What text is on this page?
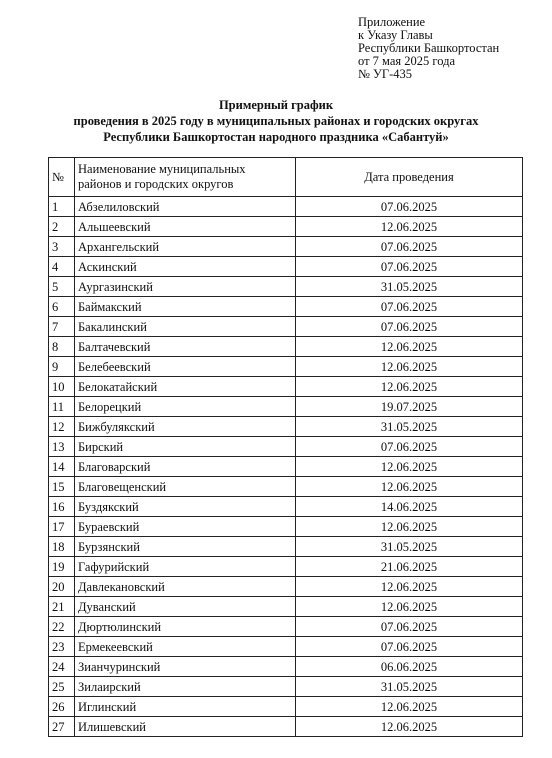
Приложение
к Указу Главы
Республики Башкортостан
от 7 мая 2025 года
№ УГ-435
Примерный график
проведения в 2025 году в муниципальных районах и городских округах
Республики Башкортостан народного праздника «Сабантуй»
№	Наименование муниципальных районов и городских округов	Дата проведения
1	Абзелиловский	07.06.2025
2	Альшеевский	12.06.2025
3	Архангельский	07.06.2025
4	Аскинский	07.06.2025
5	Аургазинский	31.05.2025
6	Баймакский	07.06.2025
7	Бакалинский	07.06.2025
8	Балтачевский	12.06.2025
9	Белебеевский	12.06.2025
10	Белокатайский	12.06.2025
11	Белорецкий	19.07.2025
12	Бижбулякский	31.05.2025
13	Бирский	07.06.2025
14	Благоварский	12.06.2025
15	Благовещенский	12.06.2025
16	Буздякский	14.06.2025
17	Бураевский	12.06.2025
18	Бурзянский	31.05.2025
19	Гафурийский	21.06.2025
20	Давлекановский	12.06.2025
21	Дуванский	12.06.2025
22	Дюртюлинский	07.06.2025
23	Ермекеевский	07.06.2025
24	Зианчуринский	06.06.2025
25	Зилаирский	31.05.2025
26	Иглинский	12.06.2025
27	Илишевский	12.06.2025
